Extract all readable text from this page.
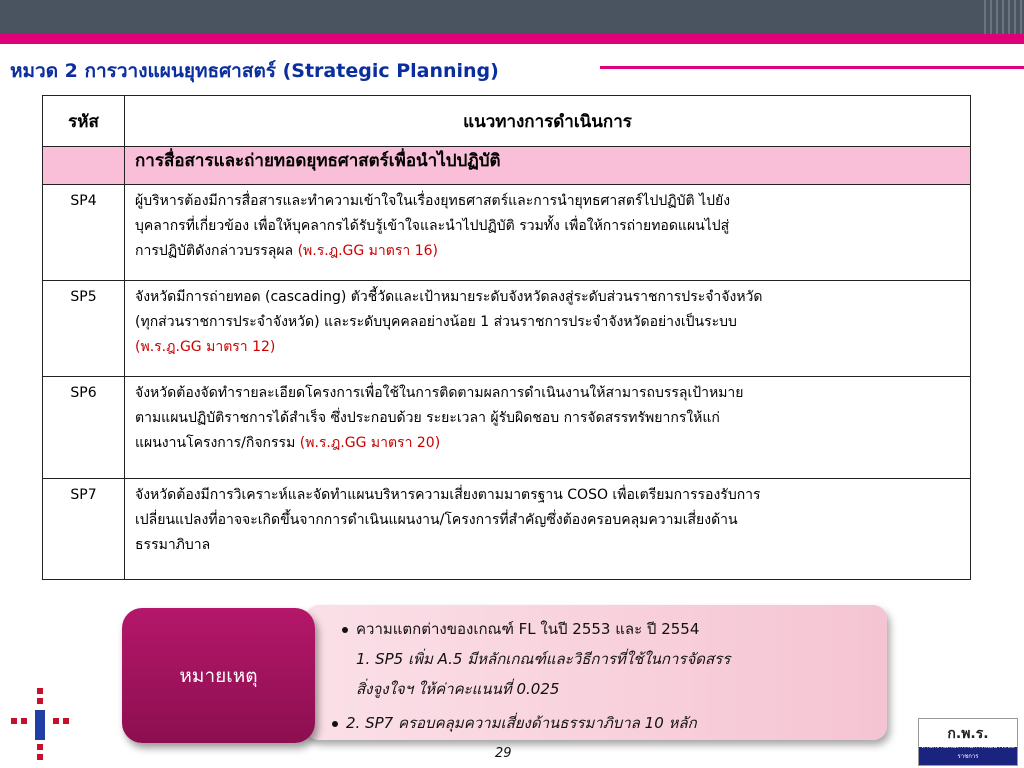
หมวด 2 การวางแผนยุทธศาสตร์ (Strategic Planning)
รหัส	แนวทางการดำเนินการ
	การสื่อสารและถ่ายทอดยุทธศาสตร์เพื่อนำไปปฏิบัติ
SP4	ผู้บริหารต้องมีการสื่อสารและทำความเข้าใจในเรื่องยุทธศาสตร์และการนำยุทธศาสตร์ไปปฏิบัติ ไปยัง
บุคลากรที่เกี่ยวข้อง เพื่อให้บุคลากรได้รับรู้เข้าใจและนำไปปฏิบัติ รวมทั้ง เพื่อให้การถ่ายทอดแผนไปสู่
การปฏิบัติดังกล่าวบรรลุผล (พ.ร.ฎ.GG มาตรา 16)
SP5	จังหวัดมีการถ่ายทอด (cascading) ตัวชี้วัดและเป้าหมายระดับจังหวัดลงสู่ระดับส่วนราชการประจำจังหวัด
(ทุกส่วนราชการประจำจังหวัด) และระดับบุคคลอย่างน้อย 1 ส่วนราชการประจำจังหวัดอย่างเป็นระบบ
(พ.ร.ฎ.GG มาตรา 12)
SP6	จังหวัดต้องจัดทำรายละเอียดโครงการเพื่อใช้ในการติดตามผลการดำเนินงานให้สามารถบรรลุเป้าหมาย
ตามแผนปฏิบัติราชการได้สำเร็จ ซึ่งประกอบด้วย ระยะเวลา ผู้รับผิดชอบ การจัดสรรทรัพยากรให้แก่
แผนงานโครงการ/กิจกรรม (พ.ร.ฎ.GG มาตรา 20)
SP7	จังหวัดต้องมีการวิเคราะห์และจัดทำแผนบริหารความเสี่ยงตามมาตรฐาน COSO เพื่อเตรียมการรองรับการ
เปลี่ยนแปลงที่อาจจะเกิดขึ้นจากการดำเนินแผนงาน/โครงการที่สำคัญซึ่งต้องครอบคลุมความเสี่ยงด้าน
ธรรมาภิบาล
หมายเหตุ
ความแตกต่างของเกณฑ์ FL ในปี 2553 และ ปี 2554
1. SP5 เพิ่ม A.5 มีหลักเกณฑ์และวิธีการที่ใช้ในการจัดสรร
สิ่งจูงใจฯ ให้ค่าคะแนนที่ 0.025
2. SP7 ครอบคลุมความเสี่ยงด้านธรรมาภิบาล 10 หลัก
ก.พ.ร.
สำนักงานคณะกรรมการพัฒนาระบบราชการ
29
